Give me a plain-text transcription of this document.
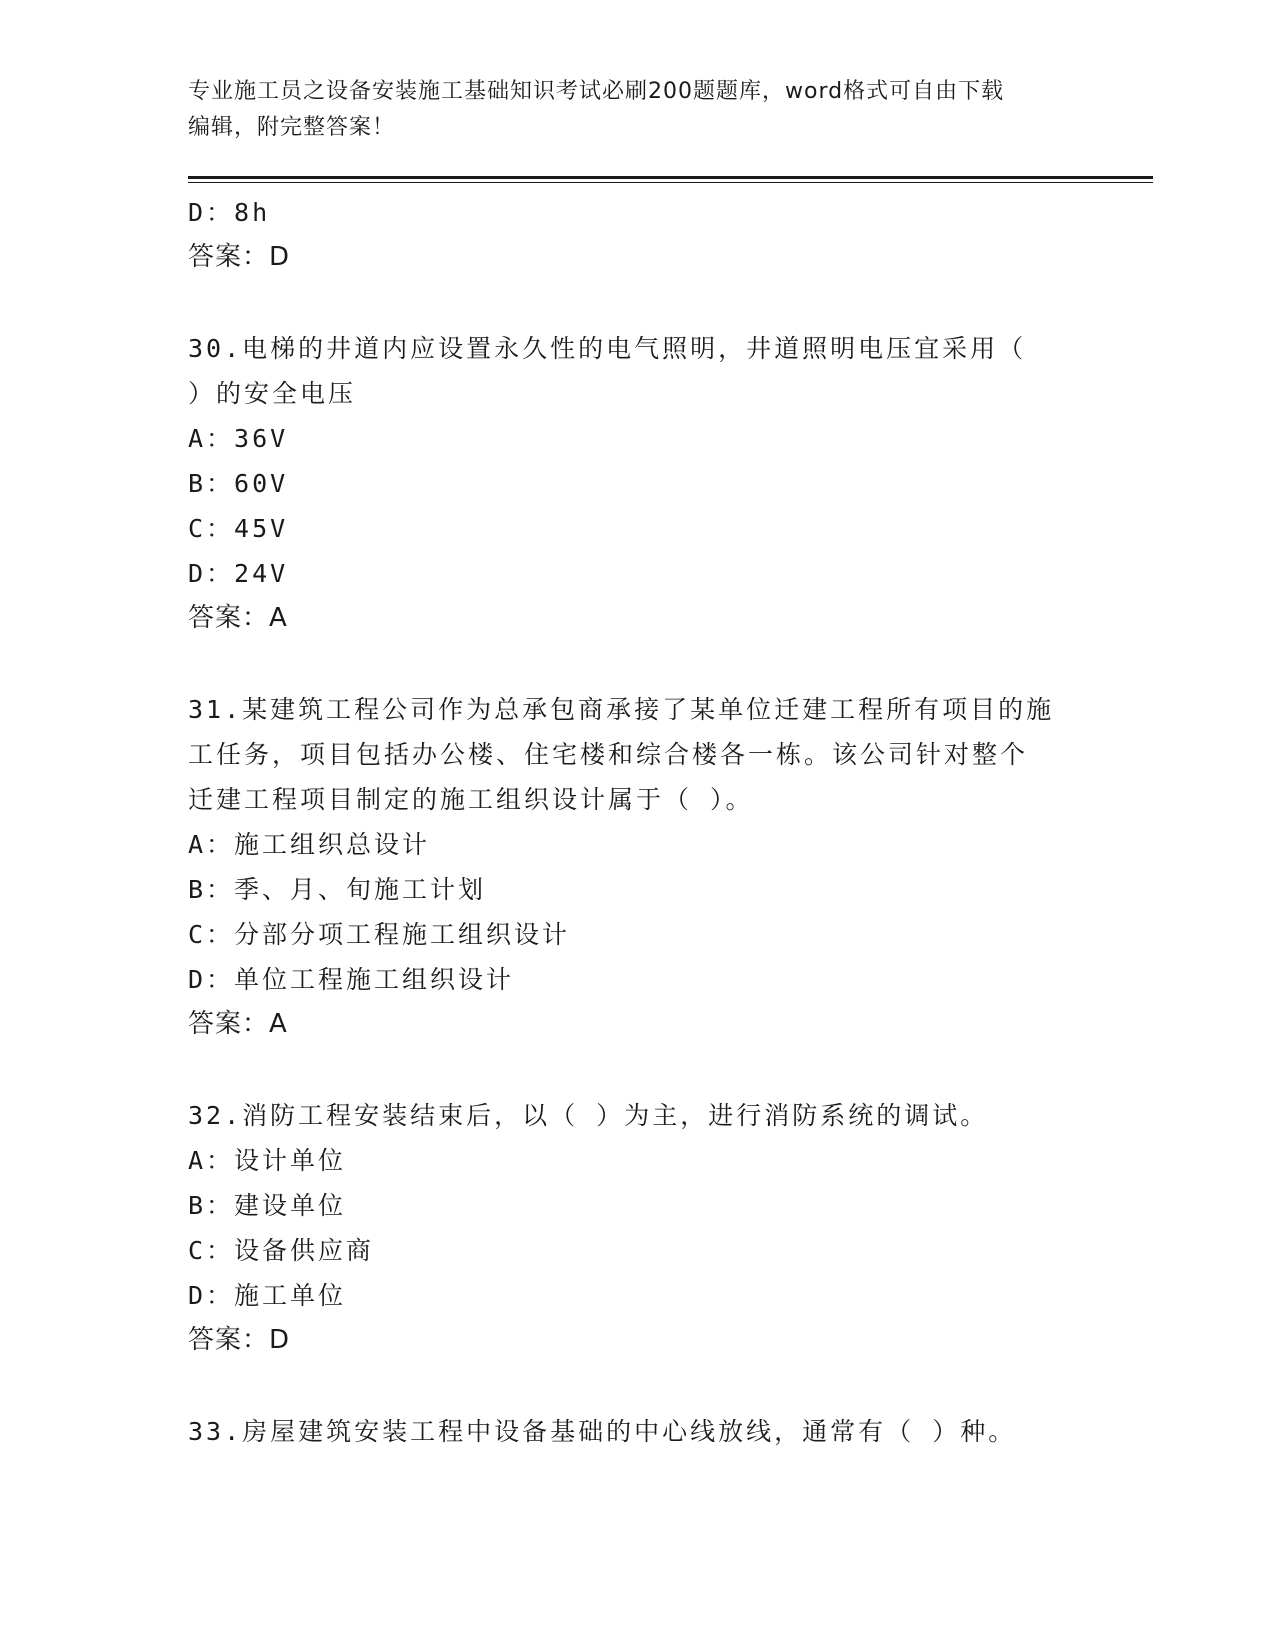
专业施工员之设备安装施工基础知识考试必刷200题题库，word格式可自由下载
编辑，附完整答案！
D：8h
答案：D
30.电梯的井道内应设置永久性的电气照明，井道照明电压宜采用（
）的安全电压
A：36V
B：60V
C：45V
D：24V
答案：A
31.某建筑工程公司作为总承包商承接了某单位迁建工程所有项目的施
工任务，项目包括办公楼、住宅楼和综合楼各一栋。该公司针对整个
迁建工程项目制定的施工组织设计属于（ ）。
A：施工组织总设计
B：季、月、旬施工计划
C：分部分项工程施工组织设计
D：单位工程施工组织设计
答案：A
32.消防工程安装结束后，以（ ）为主，进行消防系统的调试。
A：设计单位
B：建设单位
C：设备供应商
D：施工单位
答案：D
33.房屋建筑安装工程中设备基础的中心线放线，通常有（ ）种。
